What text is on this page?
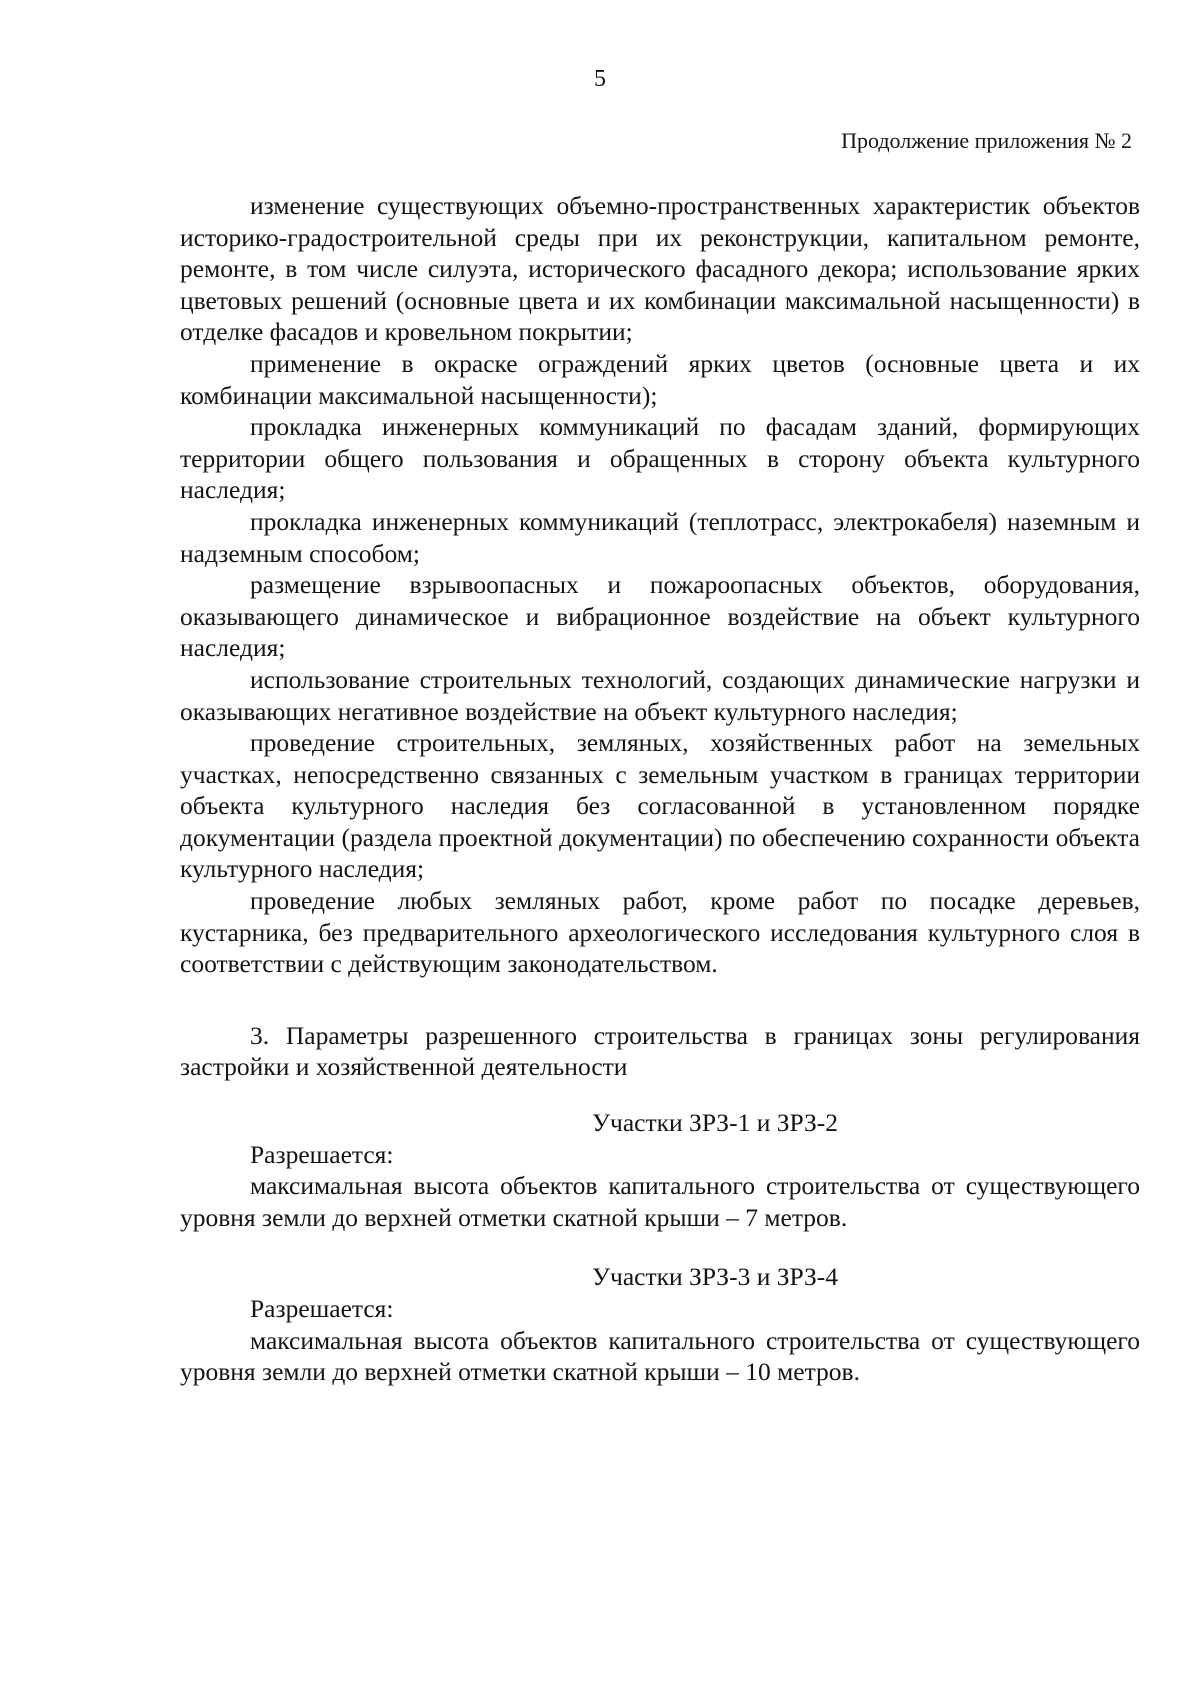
5
Продолжение приложения № 2

изменение существующих объемно-пространственных характеристик объектов историко-градостроительной среды при их реконструкции, капитальном ремонте, ремонте, в том числе силуэта, исторического фасадного декора; использование ярких цветовых решений (основные цвета и их комбинации максимальной насыщенности) в отделке фасадов и кровельном покрытии;

применение в окраске ограждений ярких цветов (основные цвета и их комбинации максимальной насыщенности);

прокладка инженерных коммуникаций по фасадам зданий, формирующих территории общего пользования и обращенных в сторону объекта культурного наследия;

прокладка инженерных коммуникаций (теплотрасс, электрокабеля) наземным и надземным способом;

размещение взрывоопасных и пожароопасных объектов, оборудования, оказывающего динамическое и вибрационное воздействие на объект культурного наследия;

использование строительных технологий, создающих динамические нагрузки и оказывающих негативное воздействие на объект культурного наследия;

проведение строительных, земляных, хозяйственных работ на земельных участках, непосредственно связанных с земельным участком в границах территории объекта культурного наследия без согласованной в установленном порядке документации (раздела проектной документации) по обеспечению сохранности объекта культурного наследия;

проведение любых земляных работ, кроме работ по посадке деревьев, кустарника, без предварительного археологического исследования культурного слоя в соответствии с действующим законодательством.

3. Параметры разрешенного строительства в границах зоны регулирования застройки и хозяйственной деятельности

Участки ЗРЗ-1 и ЗРЗ-2

Разрешается:

максимальная высота объектов капитального строительства от существующего уровня земли до верхней отметки скатной крыши – 7 метров.

Участки ЗРЗ-3 и ЗРЗ-4

Разрешается:

максимальная высота объектов капитального строительства от существующего уровня земли до верхней отметки скатной крыши – 10 метров.
